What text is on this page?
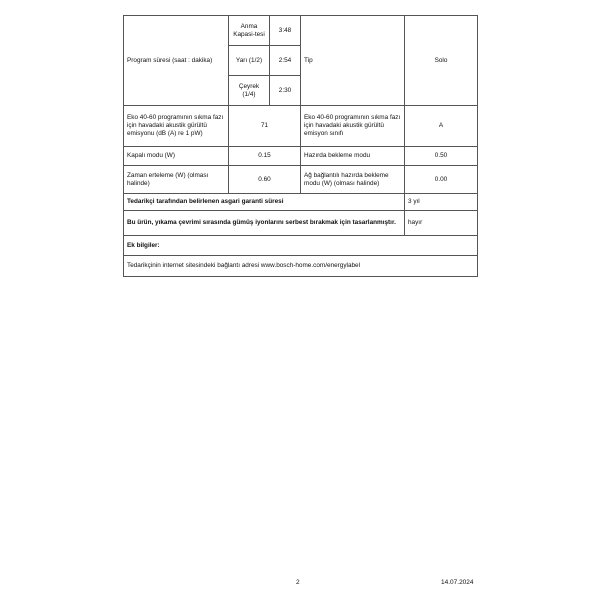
Program süresi (saat : dakika)	Anma Kapasi-tesi	3:48	Tip	Solo
	Yarı (1/2)	2:54		
	Çeyrek (1/4)	2:30		
Eko 40-60 programının sıkma fazı için havadaki akustik gürültü emisyonu (dB (A) re 1 pW)	71		Eko 40-60 programının sıkma fazı için havadaki akustik gürültü emisyon sınıfı	A
Kapalı modu (W)	0.15		Hazırda bekleme modu	0.50
Zaman erteleme (W) (olması halinde)	0.60		Ağ bağlantılı hazırda bekleme modu (W) (olması halinde)	0.00
Tedarikçi tarafından belirlenen asgari garanti süresi				3 yıl
Bu ürün, yıkama çevrimi sırasında gümüş iyonlarını serbest bırakmak için tasarlanmıştır.				hayır
Ek bilgiler:				
Tedarikçinin internet sitesindeki bağlantı adresi www.bosch-home.com/energylabel				
2	14.07.2024
